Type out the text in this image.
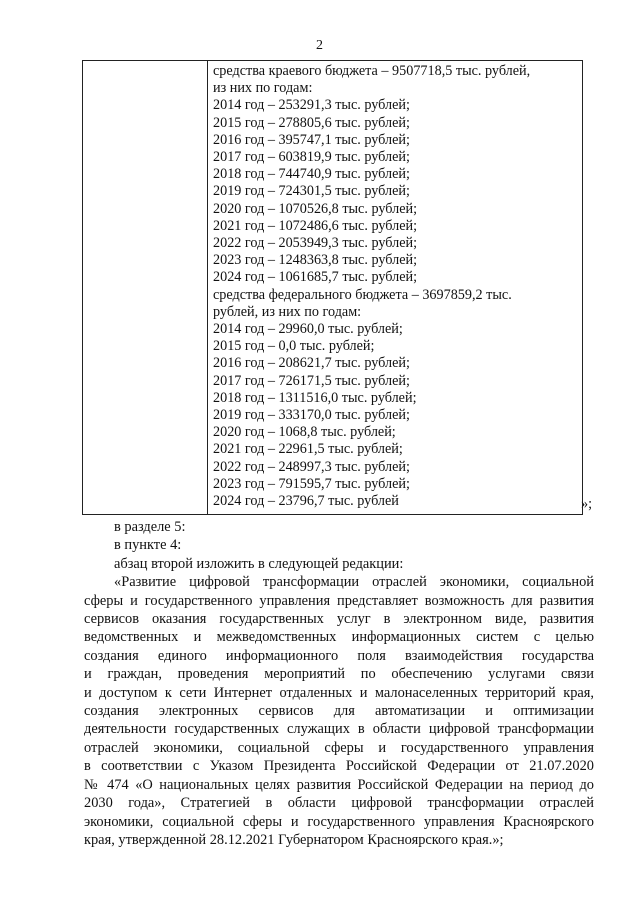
2
средства краевого бюджета – 9507718,5 тыс. рублей,
из них по годам:
2014 год – 253291,3 тыс. рублей;
2015 год – 278805,6 тыс. рублей;
2016 год – 395747,1 тыс. рублей;
2017 год – 603819,9 тыс. рублей;
2018 год – 744740,9 тыс. рублей;
2019 год – 724301,5 тыс. рублей;
2020 год – 1070526,8 тыс. рублей;
2021 год – 1072486,6 тыс. рублей;
2022 год – 2053949,3 тыс. рублей;
2023 год – 1248363,8 тыс. рублей;
2024 год – 1061685,7 тыс. рублей;
средства федерального бюджета – 3697859,2 тыс.
рублей, из них по годам:
2014 год – 29960,0 тыс. рублей;
2015 год – 0,0 тыс. рублей;
2016 год – 208621,7 тыс. рублей;
2017 год – 726171,5 тыс. рублей;
2018 год – 1311516,0 тыс. рублей;
2019 год – 333170,0 тыс. рублей;
2020 год – 1068,8 тыс. рублей;
2021 год – 22961,5 тыс. рублей;
2022 год – 248997,3 тыс. рублей;
2023 год – 791595,7 тыс. рублей;
2024 год – 23796,7 тыс. рублей	»;
в разделе 5:
в пункте 4:
абзац второй изложить в следующей редакции:
«Развитие цифровой трансформации отраслей экономики, социальной
сферы и государственного управления представляет возможность для развития
сервисов оказания государственных услуг в электронном виде, развития
ведомственных и межведомственных информационных систем с целью
создания единого информационного поля взаимодействия государства
и граждан, проведения мероприятий по обеспечению услугами связи
и доступом к сети Интернет отдаленных и малонаселенных территорий края,
создания электронных сервисов для автоматизации и оптимизации
деятельности государственных служащих в области цифровой трансформации
отраслей экономики, социальной сферы и государственного управления
в соответствии с Указом Президента Российской Федерации от 21.07.2020
№ 474 «О национальных целях развития Российской Федерации на период до
2030 года», Стратегией в области цифровой трансформации отраслей
экономики, социальной сферы и государственного управления Красноярского
края, утвержденной 28.12.2021 Губернатором Красноярского края.»;
